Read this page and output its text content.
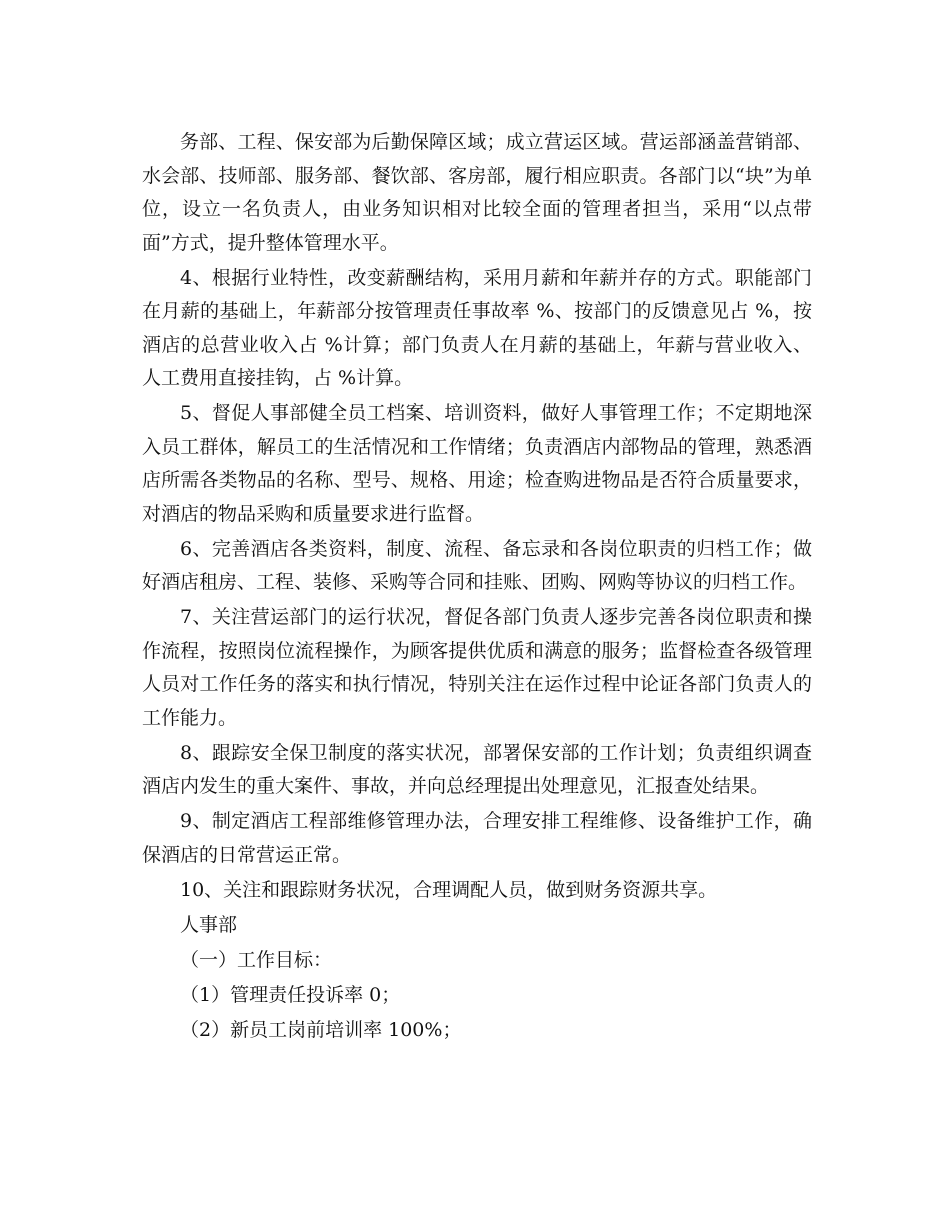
务部、工程、保安部为后勤保障区域；成立营运区域。营运部涵盖营销部、水会部、技师部、服务部、餐饮部、客房部，履行相应职责。各部门以“块”为单位，设立一名负责人，由业务知识相对比较全面的管理者担当，采用“以点带面”方式，提升整体管理水平。

4、根据行业特性，改变薪酬结构，采用月薪和年薪并存的方式。职能部门在月薪的基础上，年薪部分按管理责任事故率 %、按部门的反馈意见占 %，按酒店的总营业收入占 %计算；部门负责人在月薪的基础上，年薪与营业收入、人工费用直接挂钩，占 %计算。

5、督促人事部健全员工档案、培训资料，做好人事管理工作；不定期地深入员工群体，解员工的生活情况和工作情绪；负责酒店内部物品的管理，熟悉酒店所需各类物品的名称、型号、规格、用途；检查购进物品是否符合质量要求，对酒店的物品采购和质量要求进行监督。

6、完善酒店各类资料，制度、流程、备忘录和各岗位职责的归档工作；做好酒店租房、工程、装修、采购等合同和挂账、团购、网购等协议的归档工作。

7、关注营运部门的运行状况，督促各部门负责人逐步完善各岗位职责和操作流程，按照岗位流程操作，为顾客提供优质和满意的服务；监督检查各级管理人员对工作任务的落实和执行情况，特别关注在运作过程中论证各部门负责人的工作能力。

8、跟踪安全保卫制度的落实状况，部署保安部的工作计划；负责组织调查酒店内发生的重大案件、事故，并向总经理提出处理意见，汇报查处结果。

9、制定酒店工程部维修管理办法，合理安排工程维修、设备维护工作，确保酒店的日常营运正常。

10、关注和跟踪财务状况，合理调配人员，做到财务资源共享。

人事部

（一）工作目标：

（1）管理责任投诉率 0；

（2）新员工岗前培训率 100%；
